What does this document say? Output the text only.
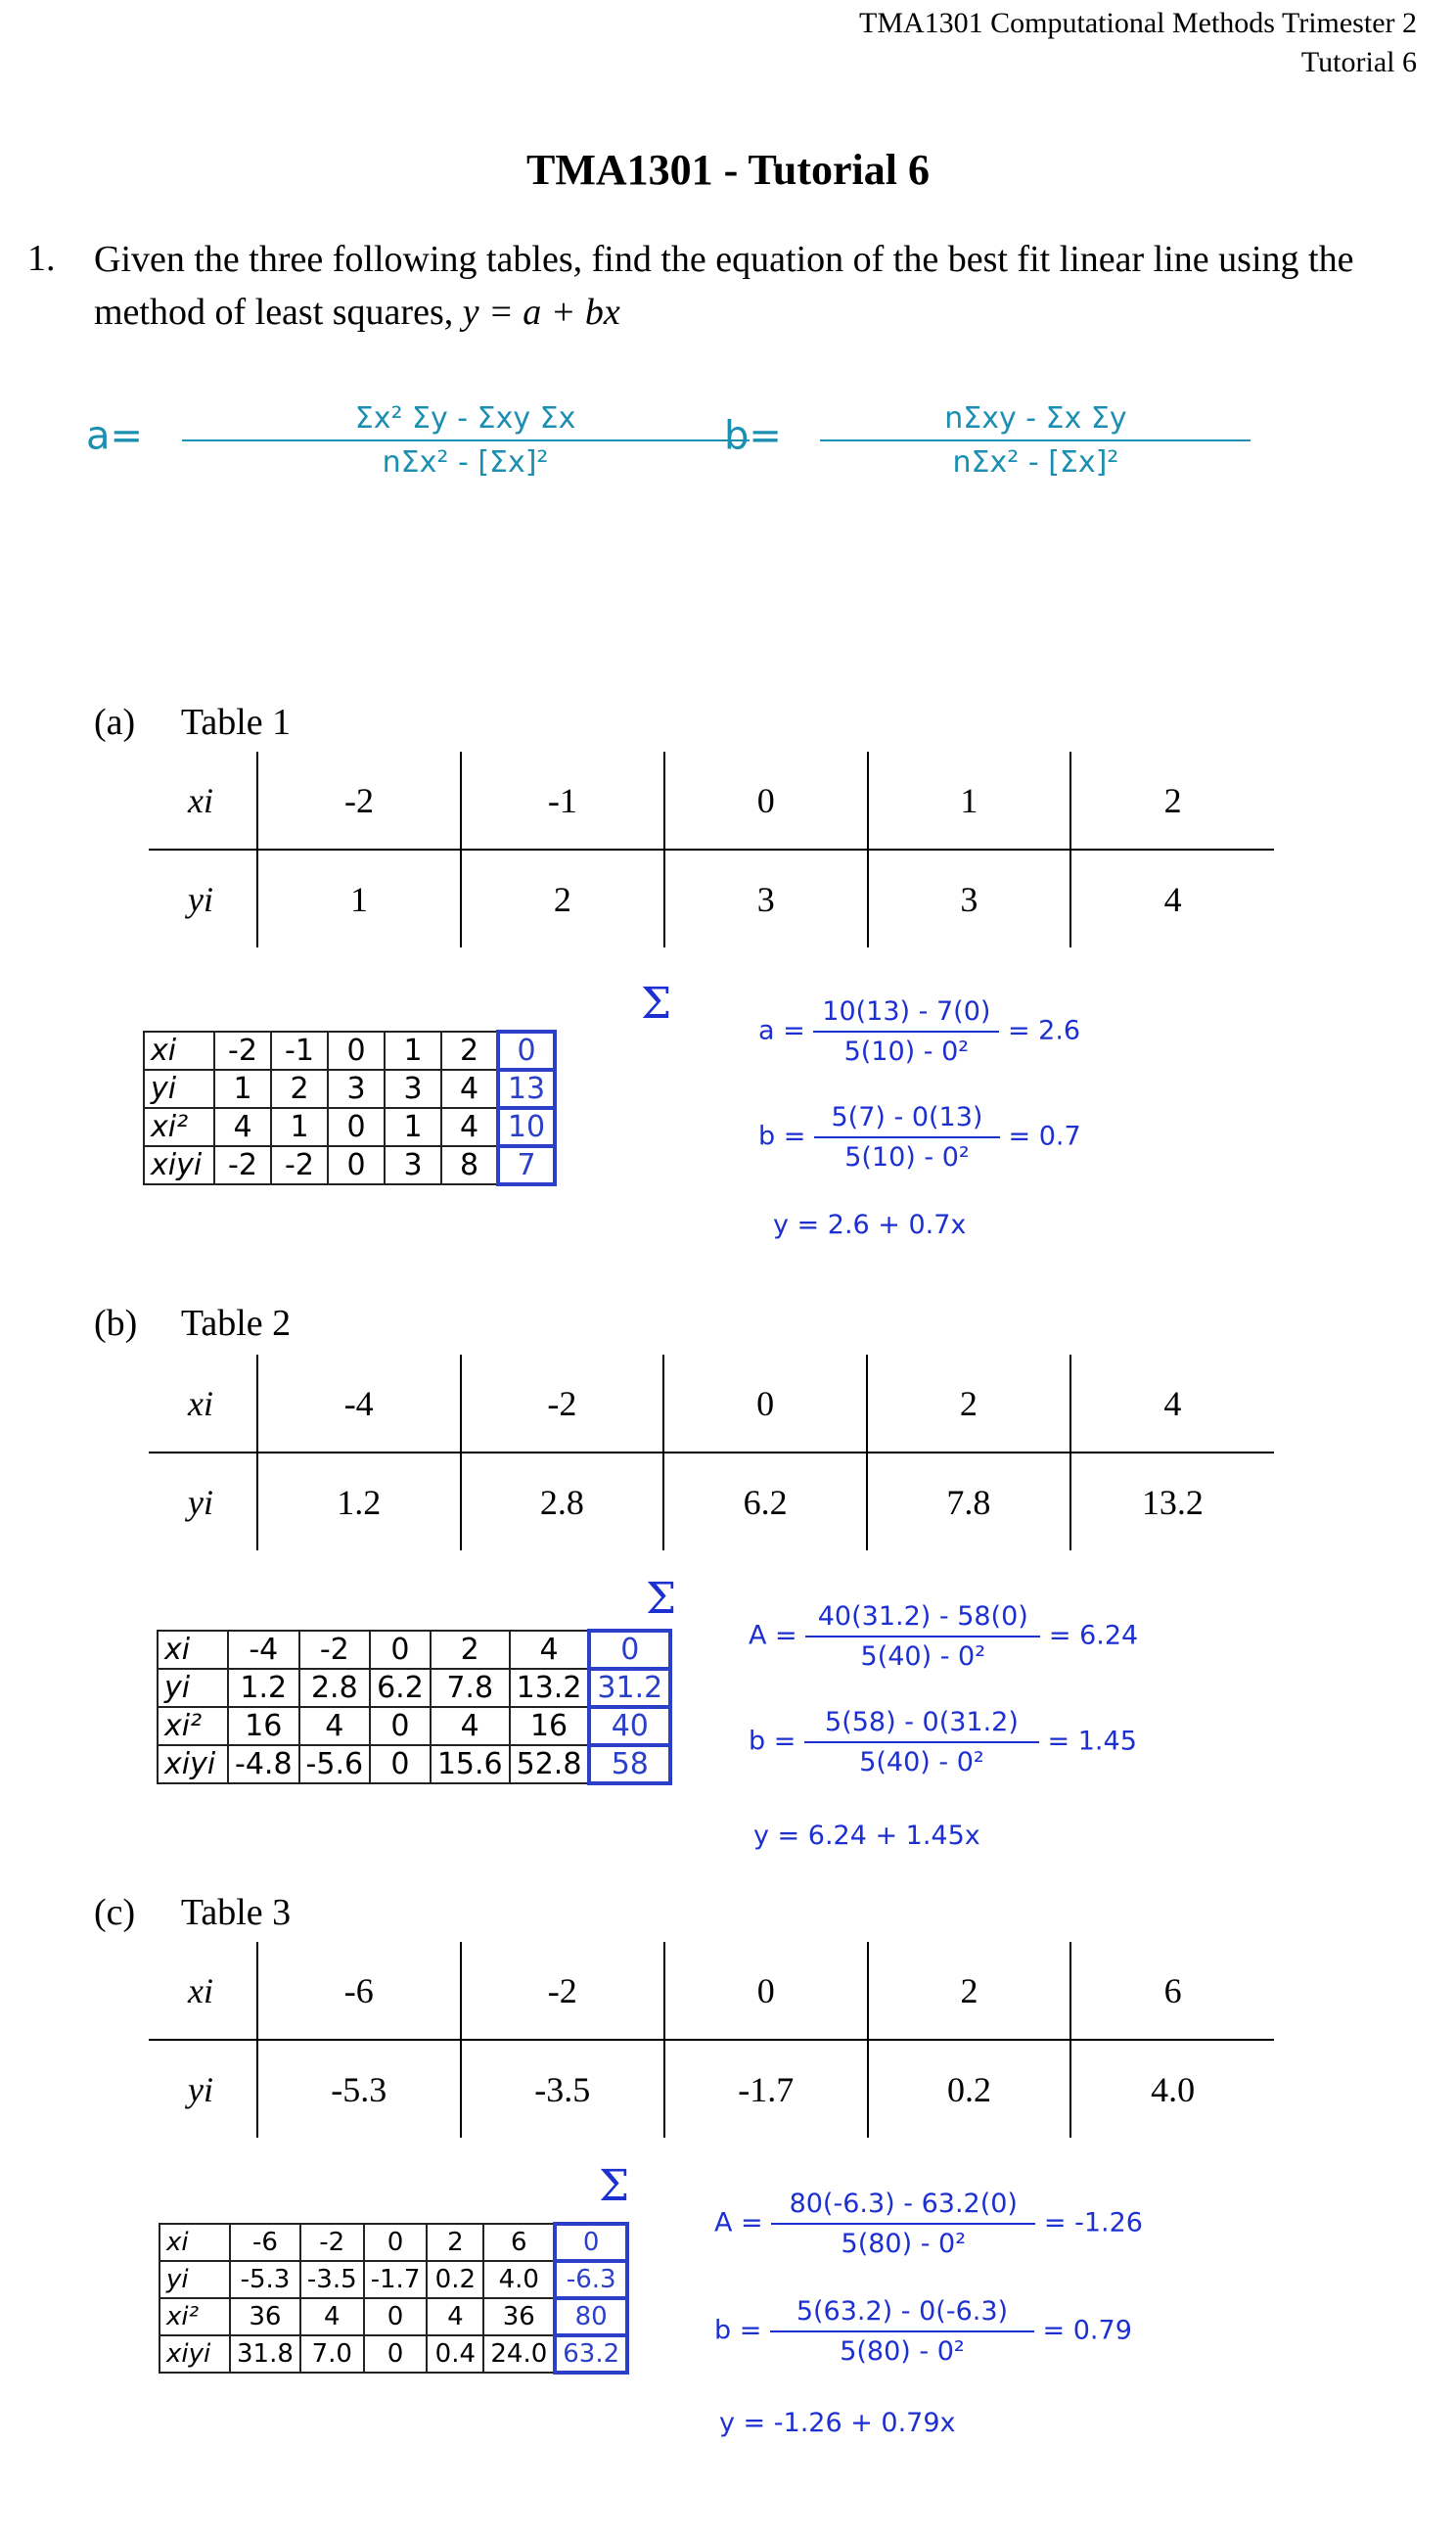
TMA1301 Computational Methods Trimester 2
Tutorial 6
TMA1301 - Tutorial 6
1. Given the three following tables, find the equation of the best fit linear line using the method of least squares, y = a + bx
$a= \frac{\text{Σx² Σy - Σxy Σx}}{\text{nΣx² - [Σx]²}}$
$b= \frac{\text{nΣxy - Σx Σy}}{\text{nΣx² - [Σx]²}}$
(a) Table 1
xi	-2	-1	0	1	2
yi	1	2	3	3	4
Σ
xi	-2	-1	0	1	2	0
yi	1	2	3	3	4	13
xi²	4	1	0	1	4	10
xiyi	-2	-2	0	3	8	7
$a = \frac{10(13) - 7(0)}{\text{5(10) - 0²}} = 2.6$
$b = \frac{5(7) - 0(13)}{\text{5(10) - 0²}} = 0.7$
y = 2.6 + 0.7x
(b) Table 2
xi	-4	-2	0	2	4
yi	1.2	2.8	6.2	7.8	13.2
Σ
xi	-4	-2	0	2	4	0
yi	1.2	2.8	6.2	7.8	13.2	31.2
xi²	16	4	0	4	16	40
xiyi	-4.8	-5.6	0	15.6	52.8	58
$A = \frac{40(31.2) - 58(0)}{\text{5(40) - 0²}} = 6.24$
$b = \frac{5(58) - 0(31.2)}{\text{5(40) - 0²}} = 1.45$
y = 6.24 + 1.45x
(c) Table 3
xi	-6	-2	0	2	6
yi	-5.3	-3.5	-1.7	0.2	4.0
Σ
xi	-6	-2	0	2	6	0
yi	-5.3	-3.5	-1.7	0.2	4.0	-6.3
xi²	36	4	0	4	36	80
xiyi	31.8	7.0	0	0.4	24.0	63.2
$A = \frac{80(-6.3) - 63.2(0)}{\text{5(80) - 0²}} = -1.26$
$b = \frac{5(63.2) - 0(-6.3)}{\text{5(80) - 0²}} = 0.79$
y = -1.26 + 0.79x
